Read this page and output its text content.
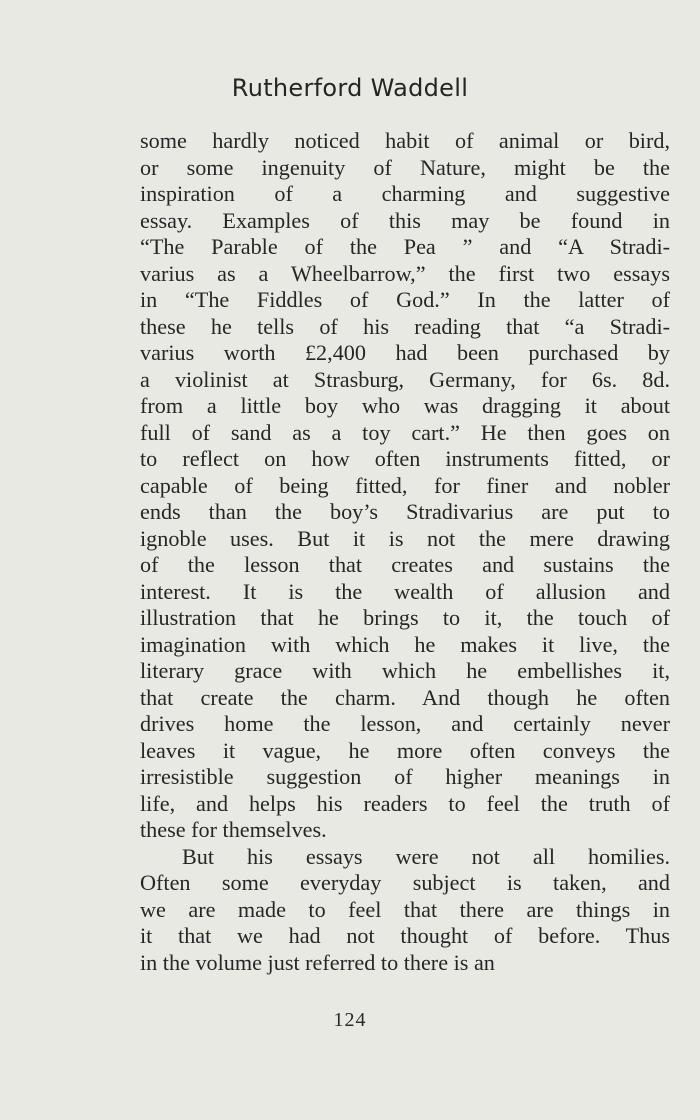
Rutherford Waddell
some hardly noticed habit of animal or bird,
or some ingenuity of Nature, might be the
inspiration of a charming and suggestive
essay. Examples of this may be found in
“The Parable of the Pea ” and “A Stradi-
varius as a Wheelbarrow,” the first two essays
in “The Fiddles of God.” In the latter of
these he tells of his reading that “a Stradi-
varius worth £2,400 had been purchased by
a violinist at Strasburg, Germany, for 6s. 8d.
from a little boy who was dragging it about
full of sand as a toy cart.” He then goes on
to reflect on how often instruments fitted, or
capable of being fitted, for finer and nobler
ends than the boy’s Stradivarius are put to
ignoble uses. But it is not the mere drawing
of the lesson that creates and sustains the
interest. It is the wealth of allusion and
illustration that he brings to it, the touch of
imagination with which he makes it live, the
literary grace with which he embellishes it,
that create the charm. And though he often
drives home the lesson, and certainly never
leaves it vague, he more often conveys the
irresistible suggestion of higher meanings in
life, and helps his readers to feel the truth of
these for themselves.
But his essays were not all homilies.
Often some everyday subject is taken, and
we are made to feel that there are things in
it that we had not thought of before. Thus
in the volume just referred to there is an
124
